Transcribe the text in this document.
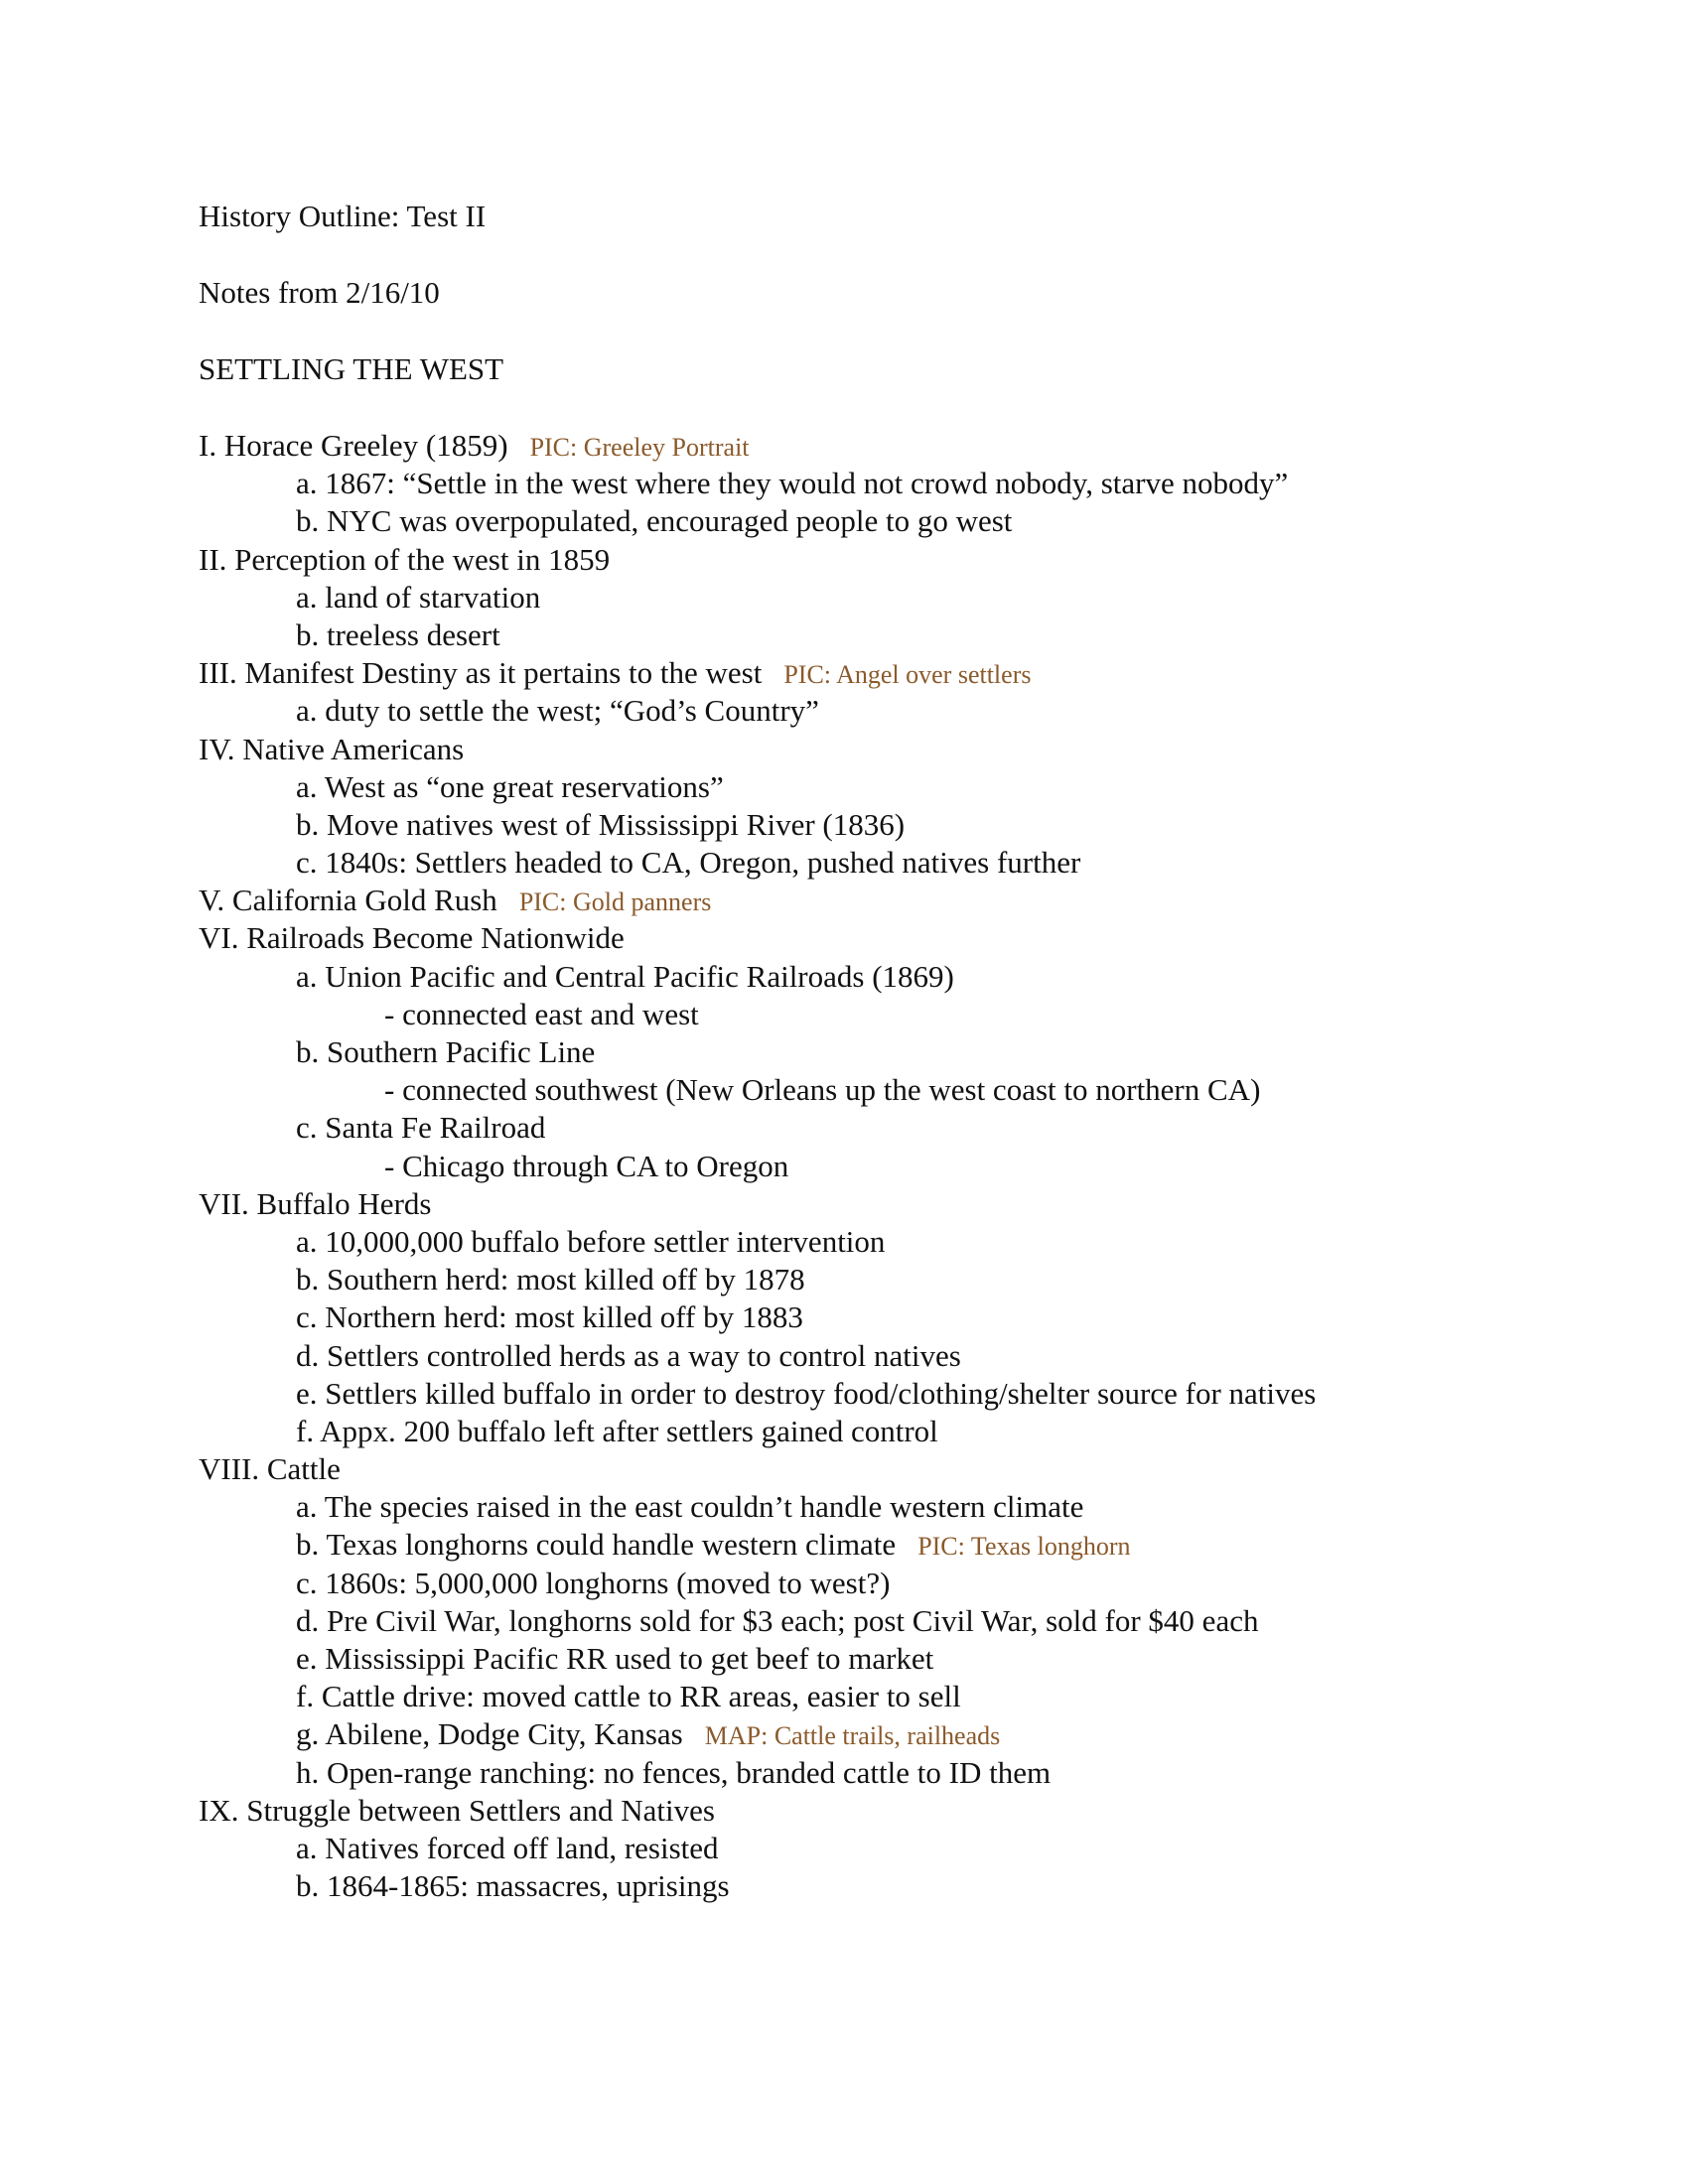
History Outline: Test II
Notes from 2/16/10
SETTLING THE WEST
I. Horace Greeley (1859) PIC: Greeley Portrait
a. 1867: “Settle in the west where they would not crowd nobody, starve nobody”
b. NYC was overpopulated, encouraged people to go west
II. Perception of the west in 1859
a. land of starvation
b. treeless desert
III. Manifest Destiny as it pertains to the west PIC: Angel over settlers
a. duty to settle the west; “God’s Country”
IV. Native Americans
a. West as “one great reservations”
b. Move natives west of Mississippi River (1836)
c. 1840s: Settlers headed to CA, Oregon, pushed natives further
V. California Gold Rush PIC: Gold panners
VI. Railroads Become Nationwide
a. Union Pacific and Central Pacific Railroads (1869)
- connected east and west
b. Southern Pacific Line
- connected southwest (New Orleans up the west coast to northern CA)
c. Santa Fe Railroad
- Chicago through CA to Oregon
VII. Buffalo Herds
a. 10,000,000 buffalo before settler intervention
b. Southern herd: most killed off by 1878
c. Northern herd: most killed off by 1883
d. Settlers controlled herds as a way to control natives
e. Settlers killed buffalo in order to destroy food/clothing/shelter source for natives
f. Appx. 200 buffalo left after settlers gained control
VIII. Cattle
a. The species raised in the east couldn’t handle western climate
b. Texas longhorns could handle western climate PIC: Texas longhorn
c. 1860s: 5,000,000 longhorns (moved to west?)
d. Pre Civil War, longhorns sold for $3 each; post Civil War, sold for $40 each
e. Mississippi Pacific RR used to get beef to market
f. Cattle drive: moved cattle to RR areas, easier to sell
g. Abilene, Dodge City, Kansas MAP: Cattle trails, railheads
h. Open-range ranching: no fences, branded cattle to ID them
IX. Struggle between Settlers and Natives
a. Natives forced off land, resisted
b. 1864-1865: massacres, uprisings
